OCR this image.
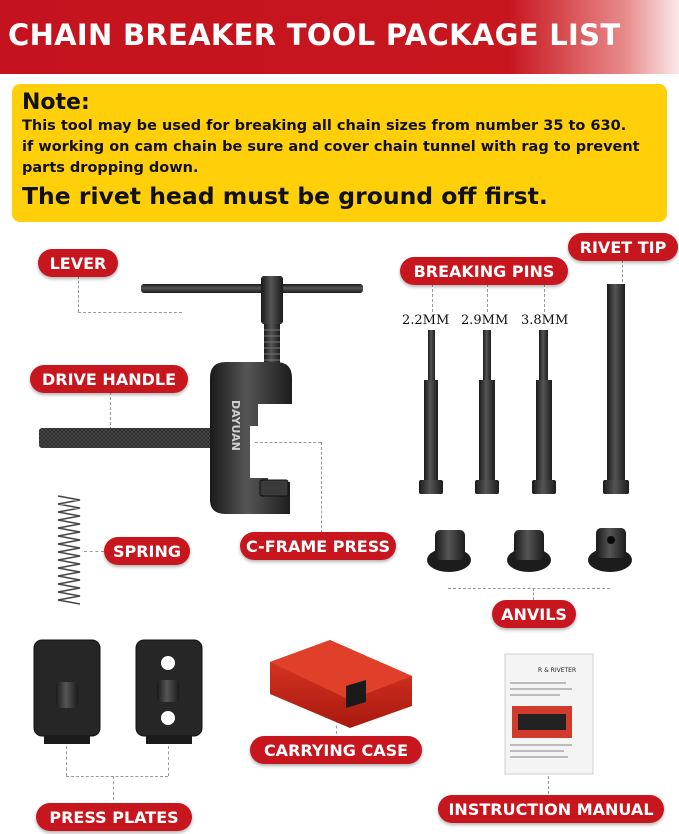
CHAIN BREAKER TOOL PACKAGE LIST
Note:
This tool may be used for breaking all chain sizes from number 35 to 630.
if working on cam chain be sure and cover chain tunnel with rag to prevent
parts dropping down.
The rivet head must be ground off first.
DAYUAN
R & RIVETER
2.2MM 2.9MM 3.8MM
LEVER
DRIVE HANDLE
SPRING	C-FRAME PRESS
BREAKING PINS
RIVET TIP
ANVILS
CARRYING CASE
PRESS PLATES	INSTRUCTION MANUAL
